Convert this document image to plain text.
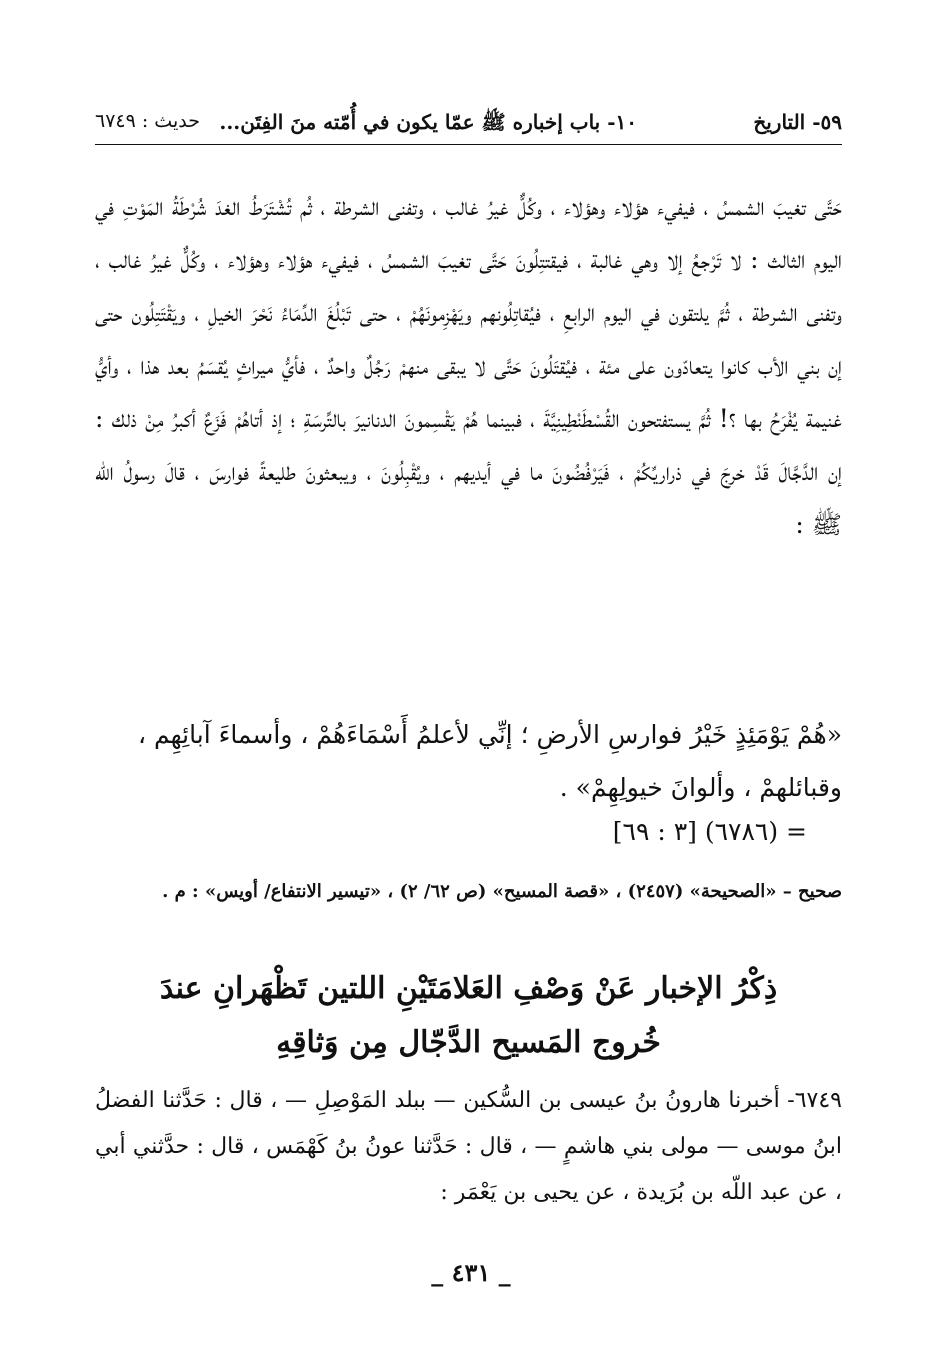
٥٩- التاريخ
١٠- باب إخباره ﷺ عمّا يكون في أُمّته منَ الفِتَن...
حديث : ٦٧٤٩
حَتَّى تغيبَ الشمسُ ، فيفيء هؤلاء وهؤلاء ، وكُلٌّ غيرُ غالب ، وتفنى الشرطة ، ثُم تُشْتَرَطُ الغدَ شُرْطَةُ المَوْتِ في اليوم الثالث : لا تَرْجعُ إلا وهي غالبة ، فيقتتِلُونَ حَتَّى تغيبَ الشمسُ ، فيفيء هؤلاء وهؤلاء ، وكُلٌّ غيرُ غالب ، وتفنى الشرطة ، ثُمَّ يلتقون في اليوم الرابعِ ، فيُقاتِلُونهم ويَهْزِمونَهُمْ ، حتى تَبْلُغَ الدِّمَاءُ نَحْرَ الخيلِ ، ويَقْتَتِلُون حتى إن بني الأب كانوا يتعادّون على مئة ، فيُقتَلُونَ حَتَّى لا يبقى منهمْ رَجُلٌ واحدٌ ، فأيُّ ميراثٍ يُقسَمُ بعد هذا ، وأيُّ غنيمة يُفْرَحُ بها ؟! ثُمَّ يستفتحون القُسْطَنْطِينِيَّةَ ، فبينما هُمْ يَقْسِمونَ الدنانيرَ بالتِّرسَةِ ؛ إذ أتاهُمْ فَزَعٌ أكبرُ مِنْ ذلك : إن الدَّجَّالَ قَدْ خرجَ في ذراريِّكُمْ ، فَيَرْفُضُونَ ما في أيديهم ، ويُقْبِلُونَ ، ويبعثونَ طليعةً فوارسَ ، قالَ رسولُ اللّه ﷺ :

«هُمْ يَوْمَئِذٍ خَيْرُ فوارسِ الأرضِ ؛ إنِّي لأعلمُ أَسْمَاءَهُمْ ، وأسماءَ آبائِهِم ،

وقبائلهمْ ، وألوانَ خيولِهِمْ» .

= (٦٧٨٦) [٣ : ٦٩]
صحيح – «الصحيحة» (٢٤٥٧) ، «قصة المسيح» (ص ٦٢/ ٢) ، «تيسير الانتفاع/ أويس» : م .
ذِكْرُ الإخبار عَنْ وَصْفِ العَلامَتَيْنِ اللتين تَظْهَرانِ عندَ
خُروج المَسيح الدَّجّال مِن وَثاقِهِ
٦٧٤٩- أخبرنا هارونُ بنُ عيسى بن السُّكين — ببلد المَوْصِلِ — ، قال : حَدَّثنا الفضلُ ابنُ موسى — مولى بني هاشمٍ — ، قال : حَدَّثنا عونُ بنُ كَهْمَس ، قال : حدَّثني أبي ، عن عبد اللّه بن بُرَيدة ، عن يحيى بن يَعْمَر :
_ ٤٣١ _
